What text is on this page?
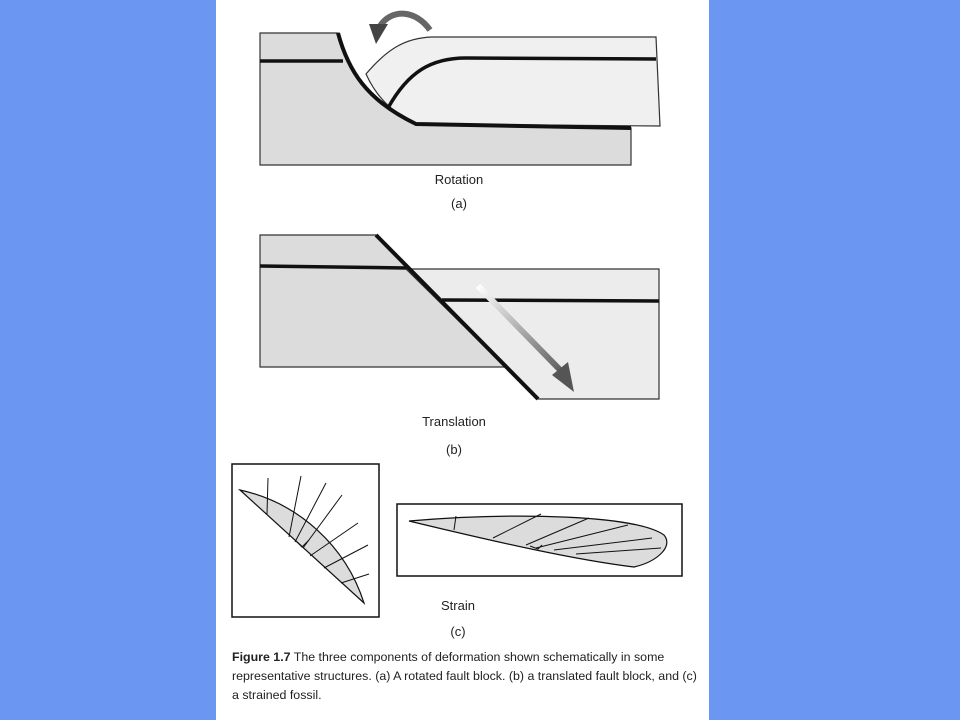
Rotation
(a)
Translation
(b)
Strain
(c)
Figure 1.7 The three components of deformation shown schematically in some representative structures. (a) A rotated fault block. (b) a translated fault block, and (c) a strained fossil.
